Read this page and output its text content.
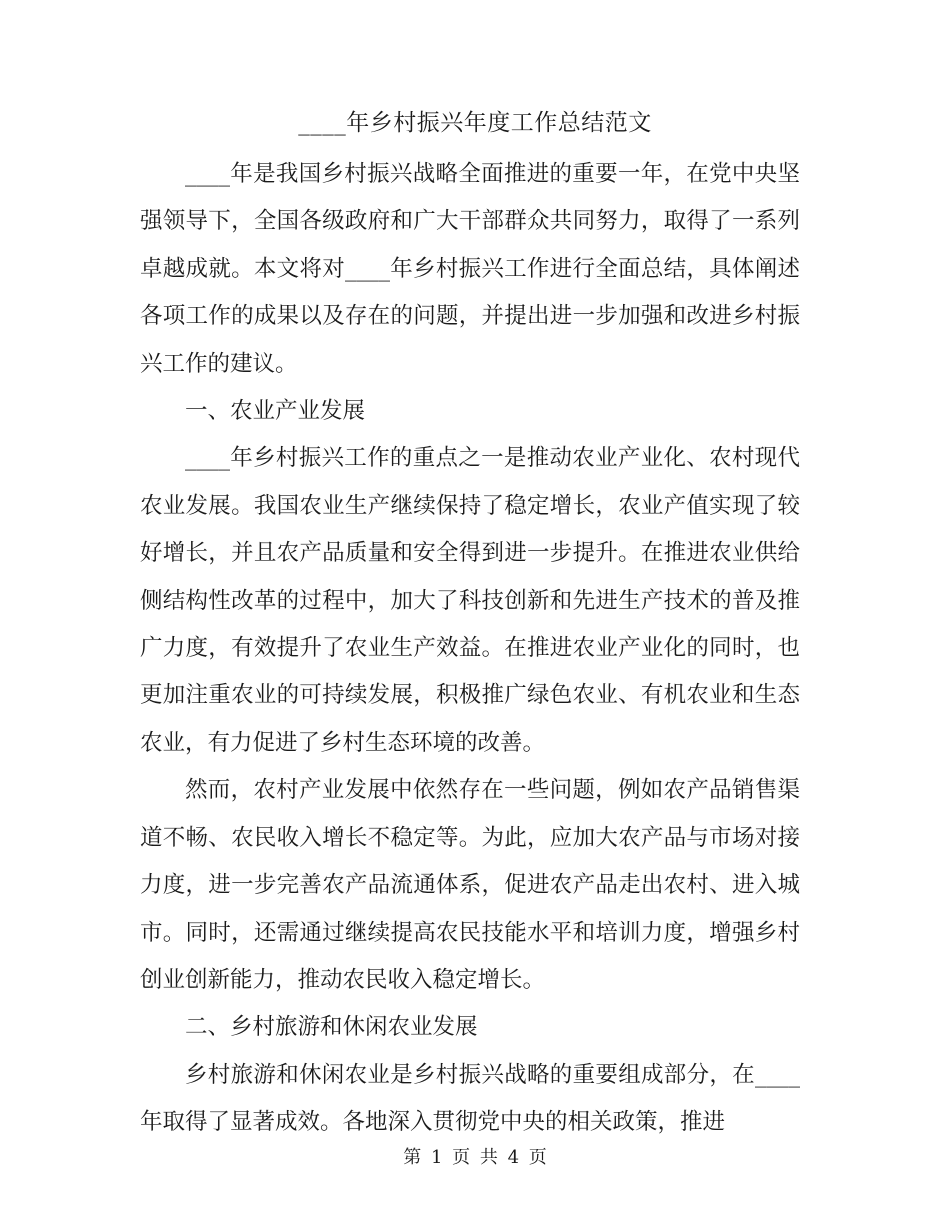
____年乡村振兴年度工作总结范文

____年是我国乡村振兴战略全面推进的重要一年，在党中央坚强领导下，全国各级政府和广大干部群众共同努力，取得了一系列卓越成就。本文将对____年乡村振兴工作进行全面总结，具体阐述各项工作的成果以及存在的问题，并提出进一步加强和改进乡村振兴工作的建议。

一、农业产业发展

____年乡村振兴工作的重点之一是推动农业产业化、农村现代农业发展。我国农业生产继续保持了稳定增长，农业产值实现了较好增长，并且农产品质量和安全得到进一步提升。在推进农业供给侧结构性改革的过程中，加大了科技创新和先进生产技术的普及推广力度，有效提升了农业生产效益。在推进农业产业化的同时，也更加注重农业的可持续发展，积极推广绿色农业、有机农业和生态农业，有力促进了乡村生态环境的改善。

然而，农村产业发展中依然存在一些问题，例如农产品销售渠道不畅、农民收入增长不稳定等。为此，应加大农产品与市场对接力度，进一步完善农产品流通体系，促进农产品走出农村、进入城市。同时，还需通过继续提高农民技能水平和培训力度，增强乡村创业创新能力，推动农民收入稳定增长。

二、乡村旅游和休闲农业发展

乡村旅游和休闲农业是乡村振兴战略的重要组成部分，在____年取得了显著成效。各地深入贯彻党中央的相关政策，推进

第 1 页 共 4 页
